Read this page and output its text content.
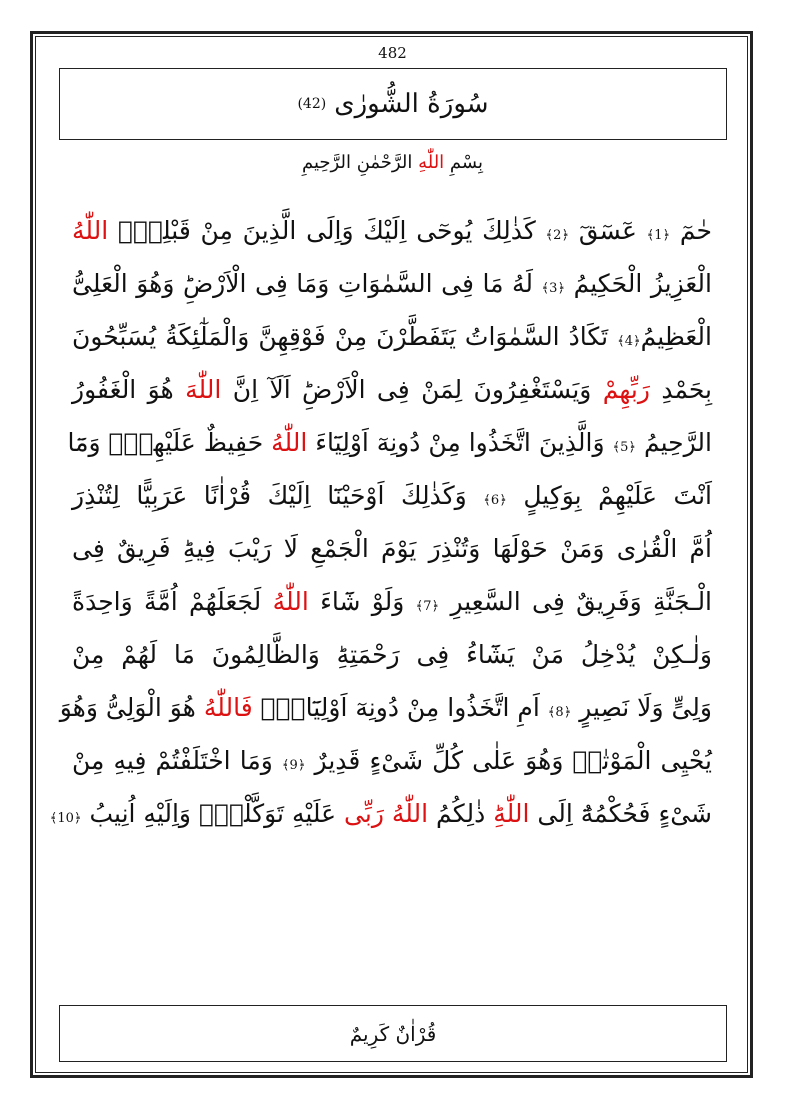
482
سُورَةُ الشُّورٰى
(42)
بِسْمِ اللّٰهِ الرَّحْمٰنِ الرَّحِيمِ
حٰمٓ ﴿1﴾ عٓسٓقٓ ﴿2﴾ كَذٰلِكَ يُوحٓى اِلَيْكَ وَاِلَى الَّذِينَ مِنْ قَبْلِكَۙ اللّٰهُ
الْعَزِيزُ الْحَكِيمُ ﴿3﴾ لَهُ مَا فِى السَّمٰوَاتِ وَمَا فِى الْاَرْضِؕ وَهُوَ الْعَلِىُّ
الْعَظِيمُ﴿4﴾ تَكَادُ السَّمٰوَاتُ يَتَفَطَّرْنَ مِنْ فَوْقِهِنَّ وَالْمَلٰٓئِكَةُ يُسَبِّحُونَ
بِحَمْدِ رَبِّهِمْ وَيَسْتَغْفِرُونَ لِمَنْ فِى الْاَرْضِؕ اَلَآ اِنَّ اللّٰهَ هُوَ الْغَفُورُ
الرَّحِيمُ ﴿5﴾ وَالَّذِينَ اتَّخَذُوا مِنْ دُونِهٓ اَوْلِيَٓاءَ اللّٰهُ حَفِيظٌ عَلَيْهِمْۘ وَمَٓا
اَنْتَ عَلَيْهِمْ بِوَكِيلٍ ﴿6﴾ وَكَذٰلِكَ اَوْحَيْنَٓا اِلَيْكَ قُرْاٰنًا عَرَبِيًّا لِتُنْذِرَ
اُمَّ الْقُرٰى وَمَنْ حَوْلَهَا وَتُنْذِرَ يَوْمَ الْجَمْعِ لَا رَيْبَ فِيهِؕ فَرِيقٌ فِى
الْـجَنَّةِ وَفَرِيقٌ فِى السَّعِيرِ ﴿7﴾ وَلَوْ شَٓاءَ اللّٰهُ لَجَعَلَهُمْ اُمَّةً وَاحِدَةً
وَلٰـكِنْ يُدْخِلُ مَنْ يَشَٓاءُ فِى رَحْمَتِهِؕ وَالظَّالِمُونَ مَا لَهُمْ مِنْ
وَلِىٍّ وَلَا نَصِيرٍ ﴿8﴾ اَمِ اتَّخَذُوا مِنْ دُونِهٓ اَوْلِيَٓاءَۚ فَاللّٰهُ هُوَ الْوَلِىُّ وَهُوَ
يُحْيِى الْمَوْتٰىۘ وَهُوَ عَلٰى كُلِّ شَىْءٍ قَدِيرٌ ﴿9﴾ وَمَا اخْتَلَفْتُمْ فِيهِ مِنْ
شَىْءٍ فَحُكْمُهُٓ اِلَى اللّٰهِؕ ذٰلِكُمُ اللّٰهُ رَبِّى عَلَيْهِ تَوَكَّلْتُۗ وَاِلَيْهِ اُنِيبُ ﴿10﴾
قُرْاٰنٌ كَرِيمٌ
